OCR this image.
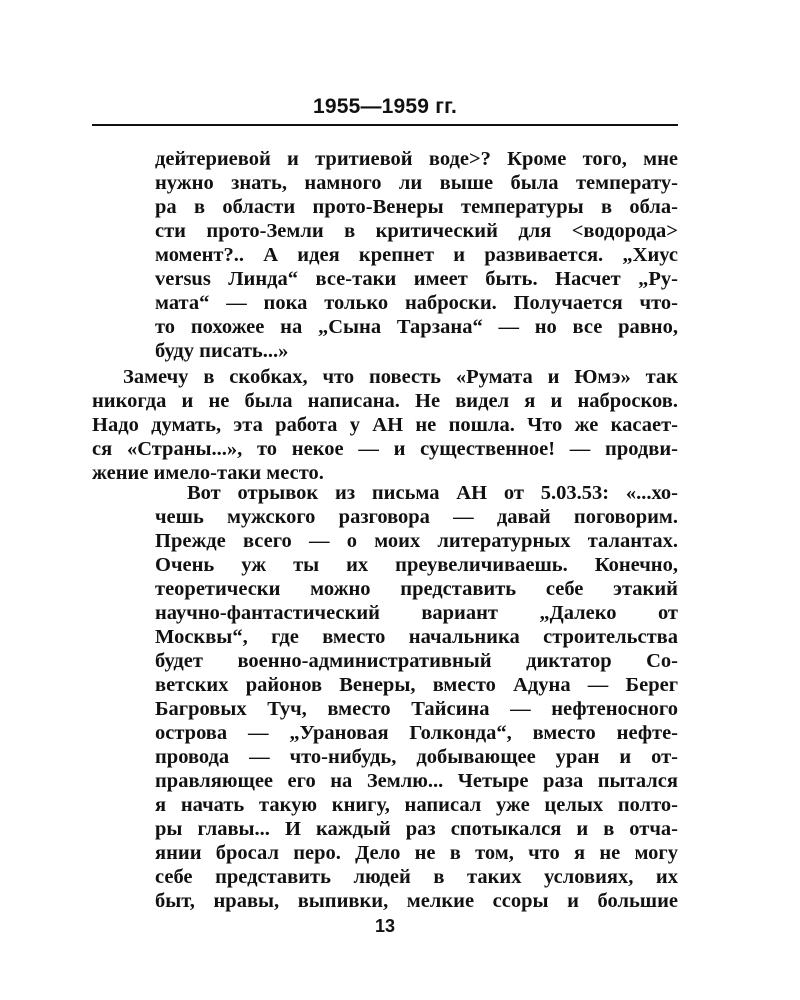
1955—1959 гг.
дейтериевой и тритиевой воде>? Кроме того, мне
нужно знать, намного ли выше была температу-
ра в области прото-Венеры температуры в обла-
сти прото-Земли в критический для <водорода>
момент?.. А идея крепнет и развивается. „Хиус
versus Линда“ все-таки имеет быть. Насчет „Ру-
мата“ — пока только наброски. Получается что-
то похожее на „Сына Тарзана“ — но все равно,
буду писать...»
Замечу в скобках, что повесть «Румата и Юмэ» так
никогда и не была написана. Не видел я и набросков.
Надо думать, эта работа у АН не пошла. Что же касает-
ся «Страны...», то некое — и существенное! — продви-
жение имело-таки место.
Вот отрывок из письма АН от 5.03.53: «...хо-
чешь мужского разговора — давай поговорим.
Прежде всего — о моих литературных талантах.
Очень уж ты их преувеличиваешь. Конечно,
теоретически можно представить себе этакий
научно-фантастический вариант „Далеко от
Москвы“, где вместо начальника строительства
будет военно-административный диктатор Со-
ветских районов Венеры, вместо Адуна — Берег
Багровых Туч, вместо Тайсина — нефтеносного
острова — „Урановая Голконда“, вместо нефте-
провода — что-нибудь, добывающее уран и от-
правляющее его на Землю... Четыре раза пытался
я начать такую книгу, написал уже целых полто-
ры главы... И каждый раз спотыкался и в отча-
янии бросал перо. Дело не в том, что я не могу
себе представить людей в таких условиях, их
быт, нравы, выпивки, мелкие ссоры и большие
13
